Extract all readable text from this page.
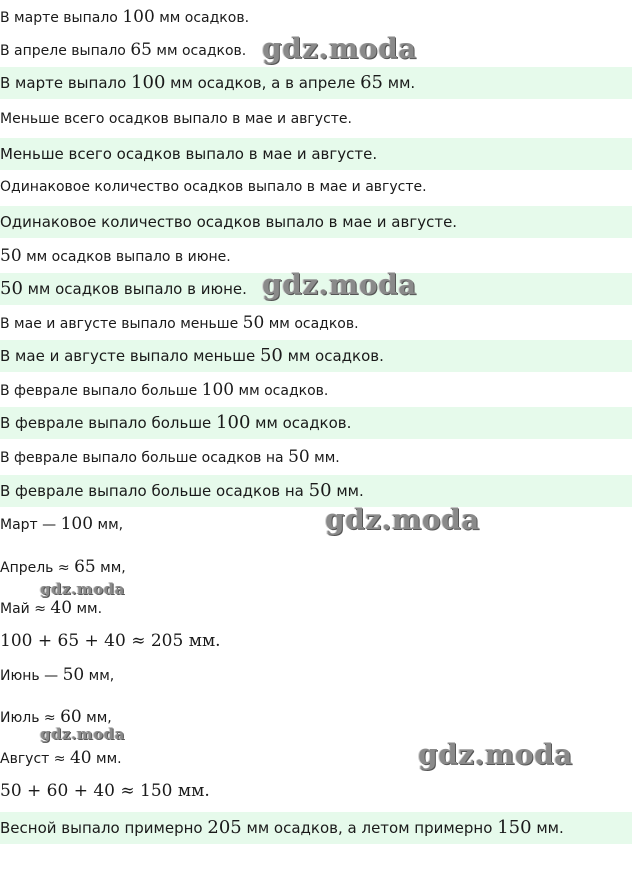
В марте выпало 100 мм осадков.
В апреле выпало 65 мм осадков.
В марте выпало 100 мм осадков, а в апреле 65 мм.
Меньше всего осадков выпало в мае и августе.
Меньше всего осадков выпало в мае и августе.
Одинаковое количество осадков выпало в мае и августе.
Одинаковое количество осадков выпало в мае и августе.
50 мм осадков выпало в июне.
50 мм осадков выпало в июне.
В мае и августе выпало меньше 50 мм осадков.
В мае и августе выпало меньше 50 мм осадков.
В феврале выпало больше 100 мм осадков.
В феврале выпало больше 100 мм осадков.
В феврале выпало больше осадков на 50 мм.
В феврале выпало больше осадков на 50 мм.
Март — 100 мм,
Апрель ≈ 65 мм,
Май ≈ 40 мм.
100 + 65 + 40 ≈ 205 мм.
Июнь — 50 мм,
Июль ≈ 60 мм,
Август ≈ 40 мм.
50 + 60 + 40 ≈ 150 мм.
Весной выпало примерно 205 мм осадков, а летом примерно 150 мм.
gdz.moda
gdz.moda
gdz.moda
gdz.moda
gdz.moda
gdz.moda
